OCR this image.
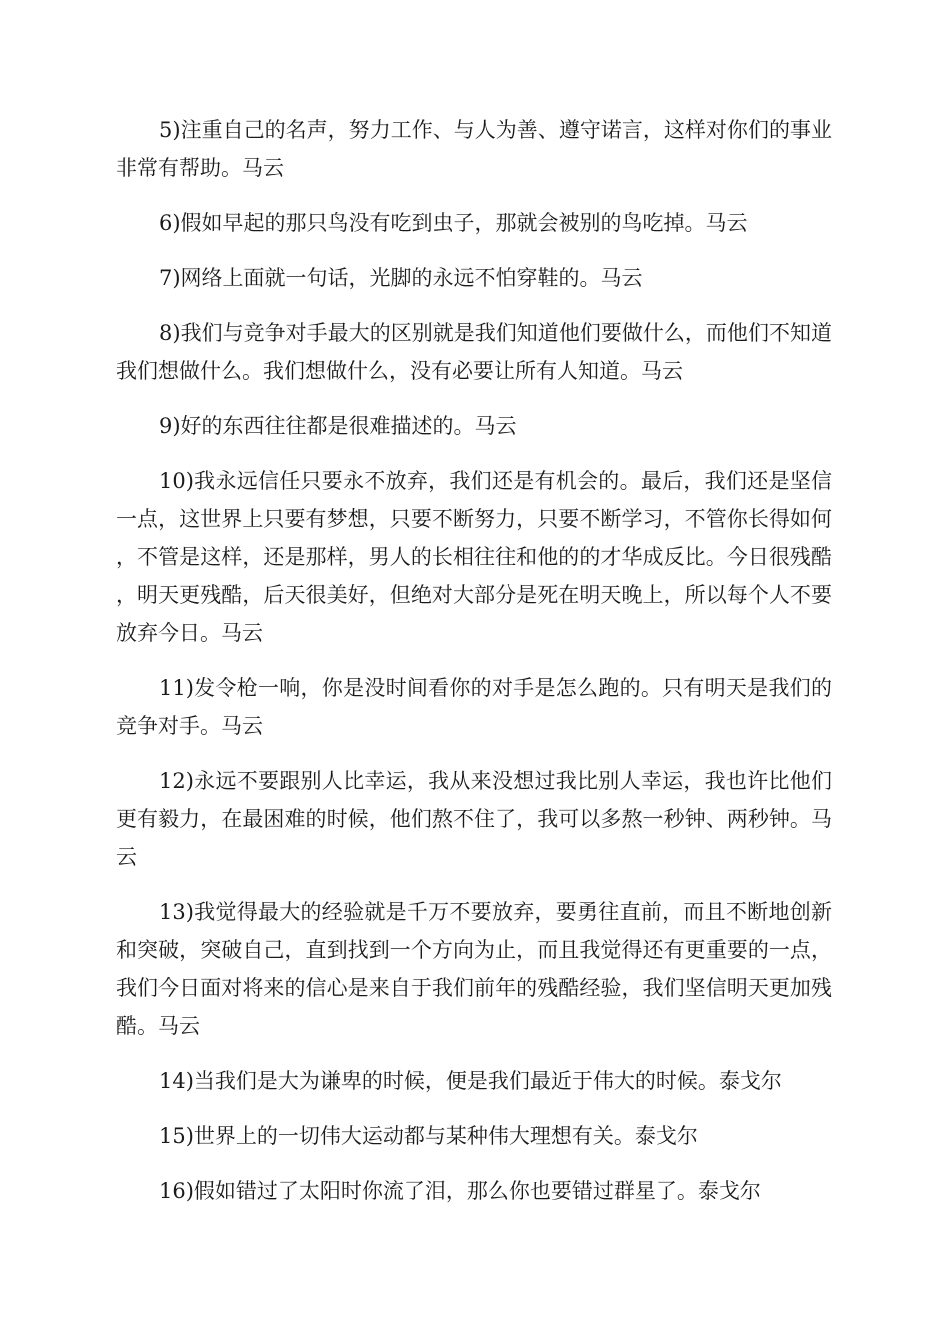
5)注重自己的名声，努力工作、与人为善、遵守诺言，这样对你们的事业非常有帮助。马云

6)假如早起的那只鸟没有吃到虫子，那就会被别的鸟吃掉。马云

7)网络上面就一句话，光脚的永远不怕穿鞋的。马云

8)我们与竞争对手最大的区别就是我们知道他们要做什么，而他们不知道我们想做什么。我们想做什么，没有必要让所有人知道。马云

9)好的东西往往都是很难描述的。马云

10)我永远信任只要永不放弃，我们还是有机会的。最后，我们还是坚信一点，这世界上只要有梦想，只要不断努力，只要不断学习，不管你长得如何，不管是这样，还是那样，男人的长相往往和他的的才华成反比。今日很残酷，明天更残酷，后天很美好，但绝对大部分是死在明天晚上，所以每个人不要放弃今日。马云

11)发令枪一响，你是没时间看你的对手是怎么跑的。只有明天是我们的竞争对手。马云

12)永远不要跟别人比幸运，我从来没想过我比别人幸运，我也许比他们更有毅力，在最困难的时候，他们熬不住了，我可以多熬一秒钟、两秒钟。马云

13)我觉得最大的经验就是千万不要放弃，要勇往直前，而且不断地创新和突破，突破自己，直到找到一个方向为止，而且我觉得还有更重要的一点，我们今日面对将来的信心是来自于我们前年的残酷经验，我们坚信明天更加残酷。马云

14)当我们是大为谦卑的时候，便是我们最近于伟大的时候。泰戈尔

15)世界上的一切伟大运动都与某种伟大理想有关。泰戈尔

16)假如错过了太阳时你流了泪，那么你也要错过群星了。泰戈尔
